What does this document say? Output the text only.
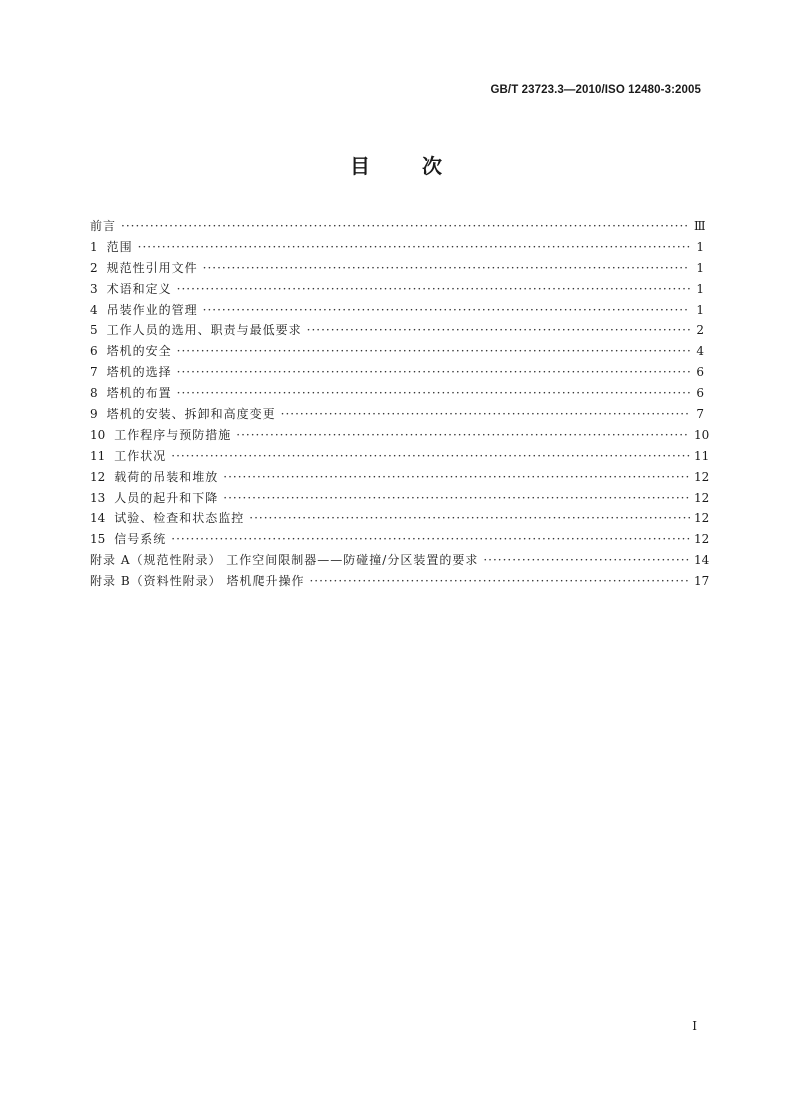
GB/T 23723.3—2010/ISO 12480-3:2005
目	次
前言 ·····	Ⅲ
1 范围 ·····	1
2 规范性引用文件 ·····	1
3 术语和定义 ·····	1
4 吊装作业的管理 ·····	1
5 工作人员的选用、职责与最低要求 ·····	2
6 塔机的安全 ·····	4
7 塔机的选择 ·····	6
8 塔机的布置 ·····	6
9 塔机的安装、拆卸和高度变更 ·····	7
10 工作程序与预防措施 ·····	10
11 工作状况 ·····	11
12 载荷的吊装和堆放 ·····	12
13 人员的起升和下降 ·····	12
14 试验、检查和状态监控 ·····	12
15 信号系统 ·····	12
附录 A（规范性附录） 工作空间限制器——防碰撞/分区装置的要求 ·····	14
附录 B（资料性附录） 塔机爬升操作 ·····	17
I
